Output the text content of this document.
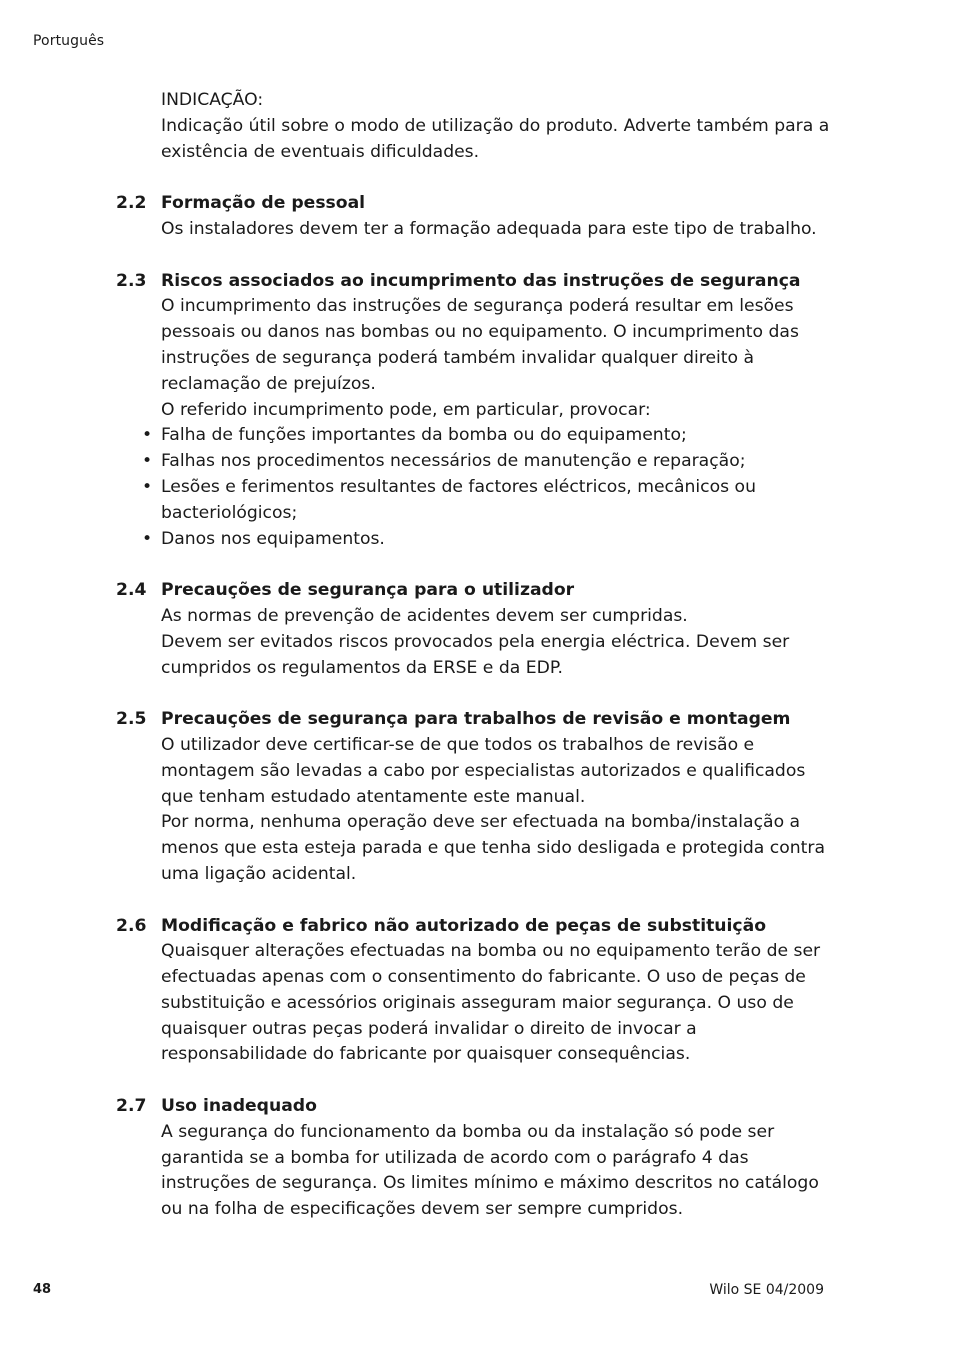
Português
INDICAÇÃO:
Indicação útil sobre o modo de utilização do produto. Adverte também para a existência de eventuais dificuldades.
2.2 Formação de pessoal

Os instaladores devem ter a formação adequada para este tipo de trabalho.

2.3 Riscos associados ao incumprimento das instruções de segurança

O incumprimento das instruções de segurança poderá resultar em lesões pessoais ou danos nas bombas ou no equipamento. O incumprimento das instruções de segurança poderá também invalidar qualquer direito à reclamação de prejuízos.

O referido incumprimento pode, em particular, provocar:

• Falha de funções importantes da bomba ou do equipamento;
• Falhas nos procedimentos necessários de manutenção e reparação;
• Lesões e ferimentos resultantes de factores eléctricos, mecânicos ou bacteriológicos;
• Danos nos equipamentos.
2.4 Precauções de segurança para o utilizador

As normas de prevenção de acidentes devem ser cumpridas.

Devem ser evitados riscos provocados pela energia eléctrica. Devem ser cumpridos os regulamentos da ERSE e da EDP.

2.5 Precauções de segurança para trabalhos de revisão e montagem

O utilizador deve certificar-se de que todos os trabalhos de revisão e montagem são levadas a cabo por especialistas autorizados e qualificados que tenham estudado atentamente este manual.

Por norma, nenhuma operação deve ser efectuada na bomba/instalação a menos que esta esteja parada e que tenha sido desligada e protegida contra uma ligação acidental.

2.6 Modificação e fabrico não autorizado de peças de substituição

Quaisquer alterações efectuadas na bomba ou no equipamento terão de ser efectuadas apenas com o consentimento do fabricante. O uso de peças de substituição e acessórios originais asseguram maior segurança. O uso de quaisquer outras peças poderá invalidar o direito de invocar a responsabilidade do fabricante por quaisquer consequências.

2.7 Uso inadequado

A segurança do funcionamento da bomba ou da instalação só pode ser garantida se a bomba for utilizada de acordo com o parágrafo 4 das instruções de segurança. Os limites mínimo e máximo descritos no catálogo ou na folha de especificações devem ser sempre cumpridos.

48	Wilo SE 04/2009
